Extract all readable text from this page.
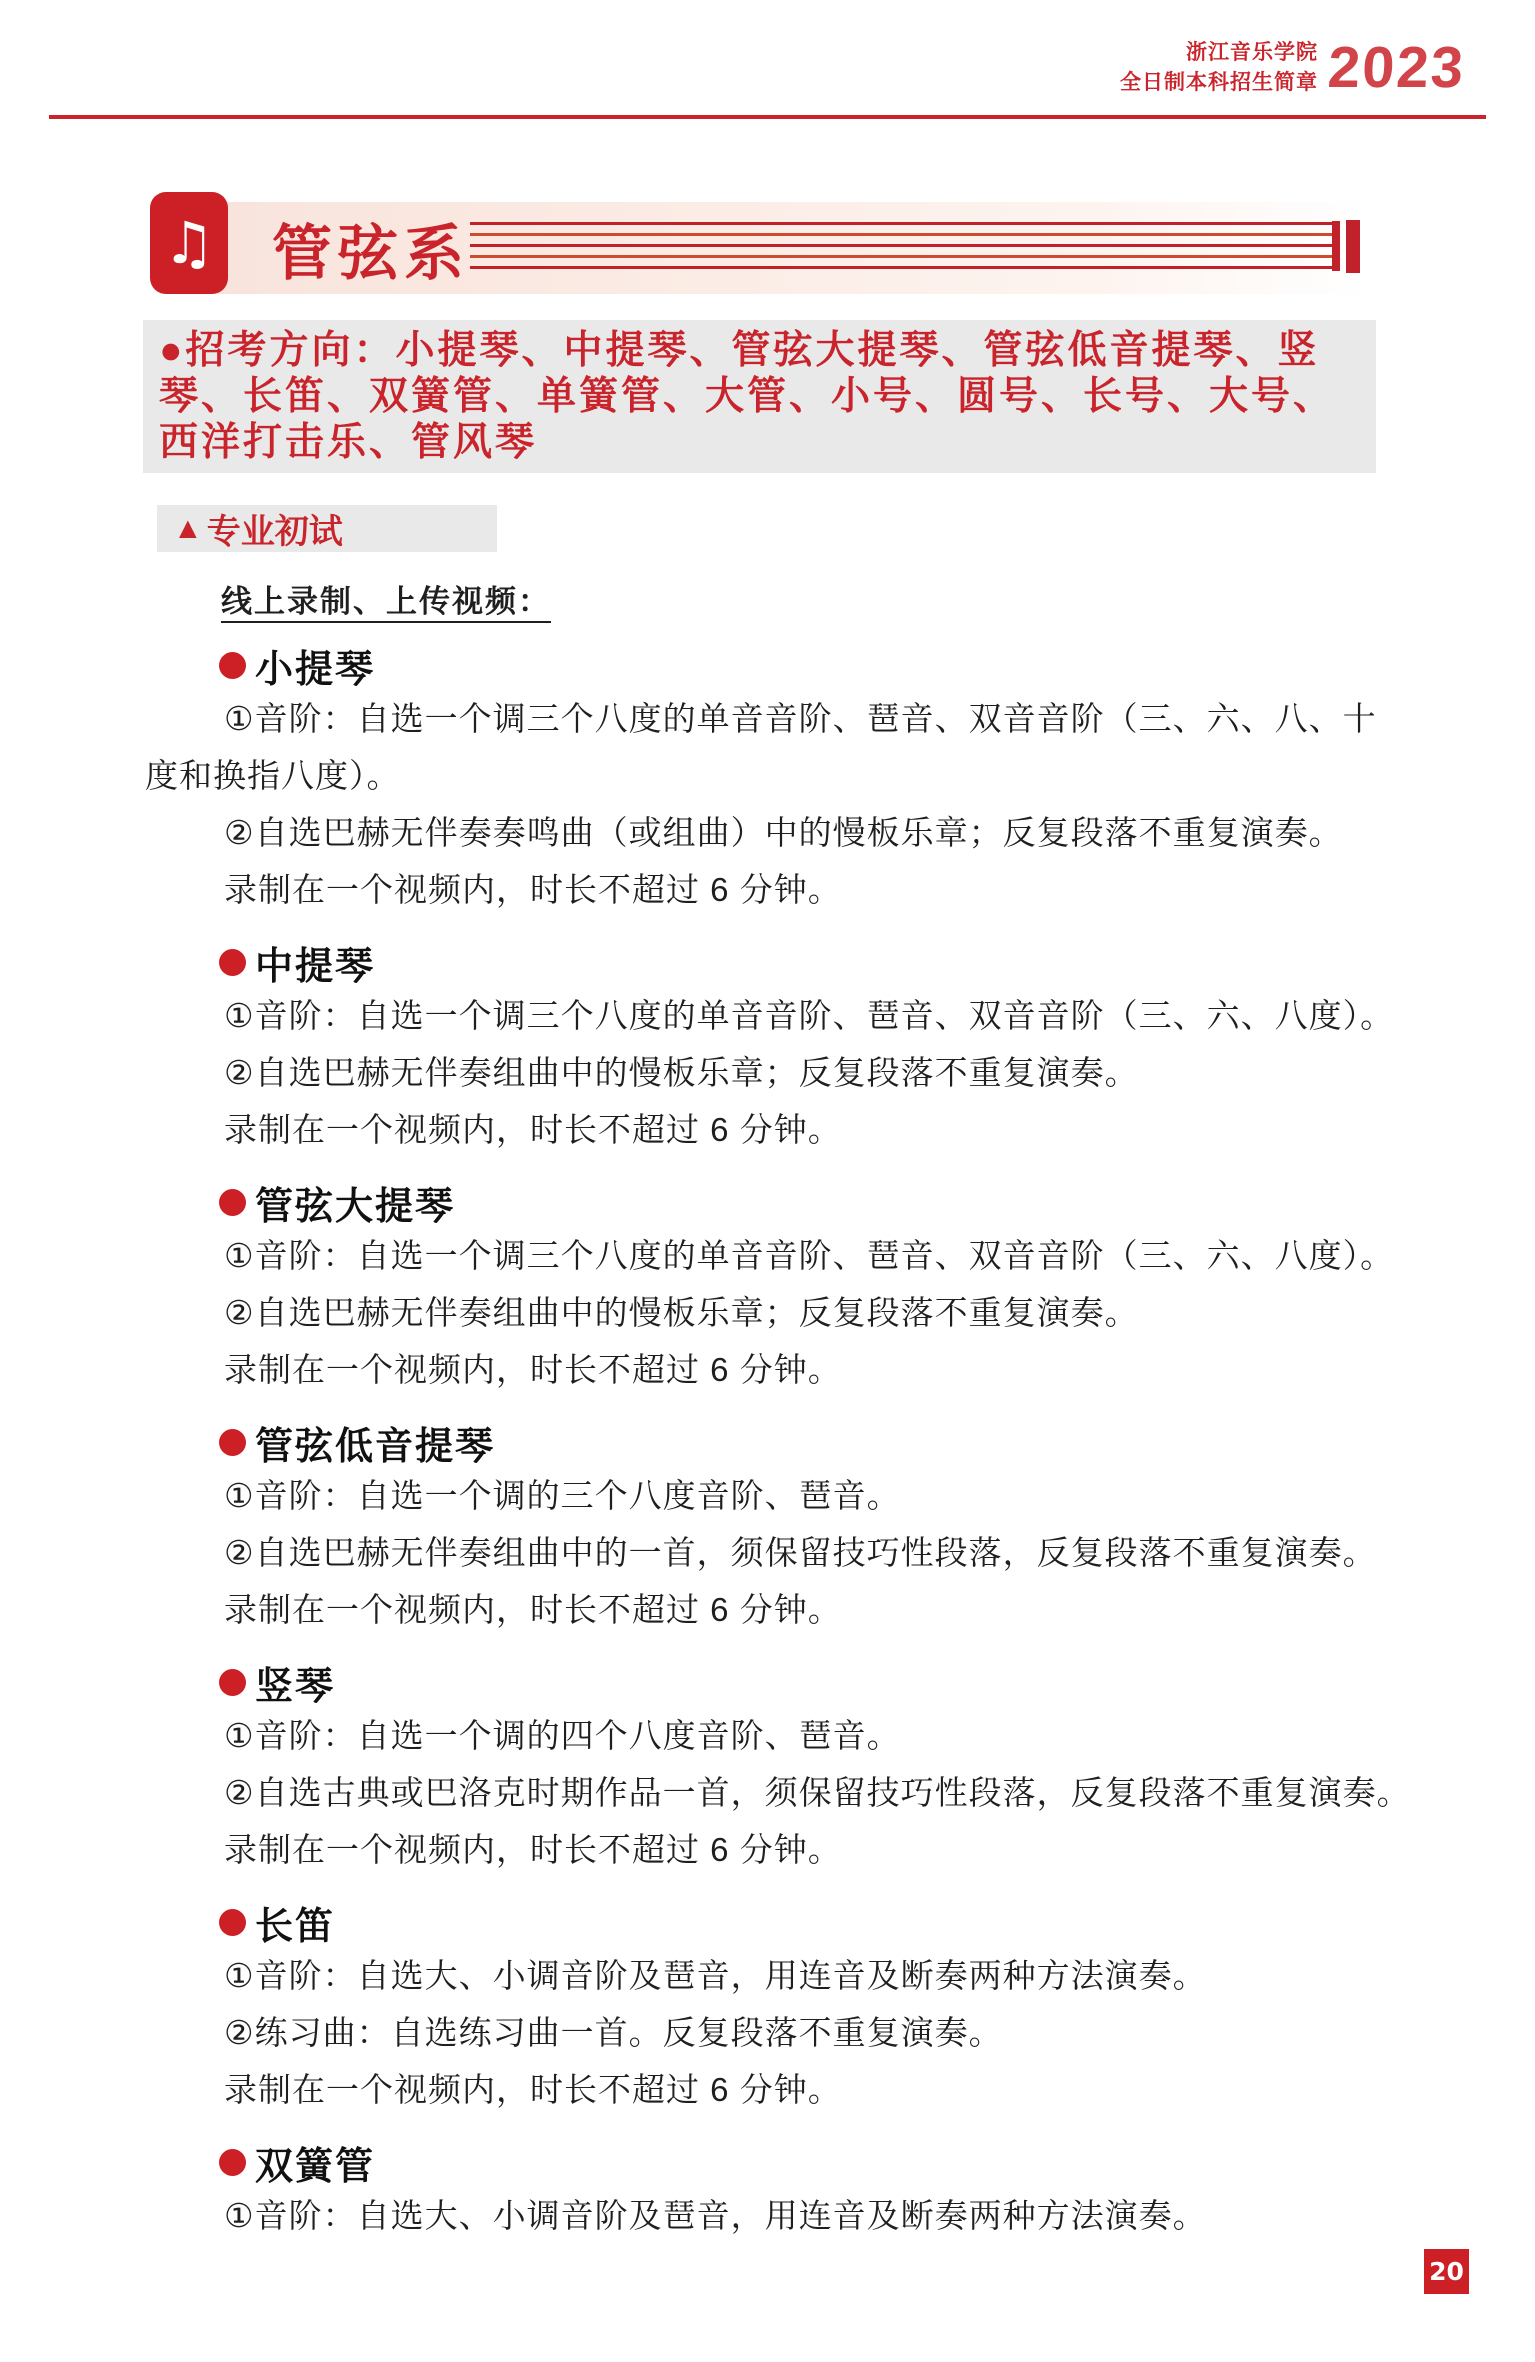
浙江音乐学院
全日制本科招生简章 2023
♫ 管弦系
●招考方向：小提琴、中提琴、管弦大提琴、管弦低音提琴、竖
琴、长笛、双簧管、单簧管、大管、小号、圆号、长号、大号、
西洋打击乐、管风琴
▲ 专业初试
线上录制、上传视频：
小提琴
①音阶：自选一个调三个八度的单音音阶、琶音、双音音阶（三、六、八、十
度和换指八度）。
②自选巴赫无伴奏奏鸣曲（或组曲）中的慢板乐章；反复段落不重复演奏。
录制在一个视频内，时长不超过 6 分钟。
中提琴
①音阶：自选一个调三个八度的单音音阶、琶音、双音音阶（三、六、八度）。
②自选巴赫无伴奏组曲中的慢板乐章；反复段落不重复演奏。
录制在一个视频内，时长不超过 6 分钟。
管弦大提琴
①音阶：自选一个调三个八度的单音音阶、琶音、双音音阶（三、六、八度）。
②自选巴赫无伴奏组曲中的慢板乐章；反复段落不重复演奏。
录制在一个视频内，时长不超过 6 分钟。
管弦低音提琴
①音阶：自选一个调的三个八度音阶、琶音。
②自选巴赫无伴奏组曲中的一首，须保留技巧性段落，反复段落不重复演奏。
录制在一个视频内，时长不超过 6 分钟。
竖琴
①音阶：自选一个调的四个八度音阶、琶音。
②自选古典或巴洛克时期作品一首，须保留技巧性段落，反复段落不重复演奏。
录制在一个视频内，时长不超过 6 分钟。
长笛
①音阶：自选大、小调音阶及琶音，用连音及断奏两种方法演奏。
②练习曲：自选练习曲一首。反复段落不重复演奏。
录制在一个视频内，时长不超过 6 分钟。
双簧管
①音阶：自选大、小调音阶及琶音，用连音及断奏两种方法演奏。
20
